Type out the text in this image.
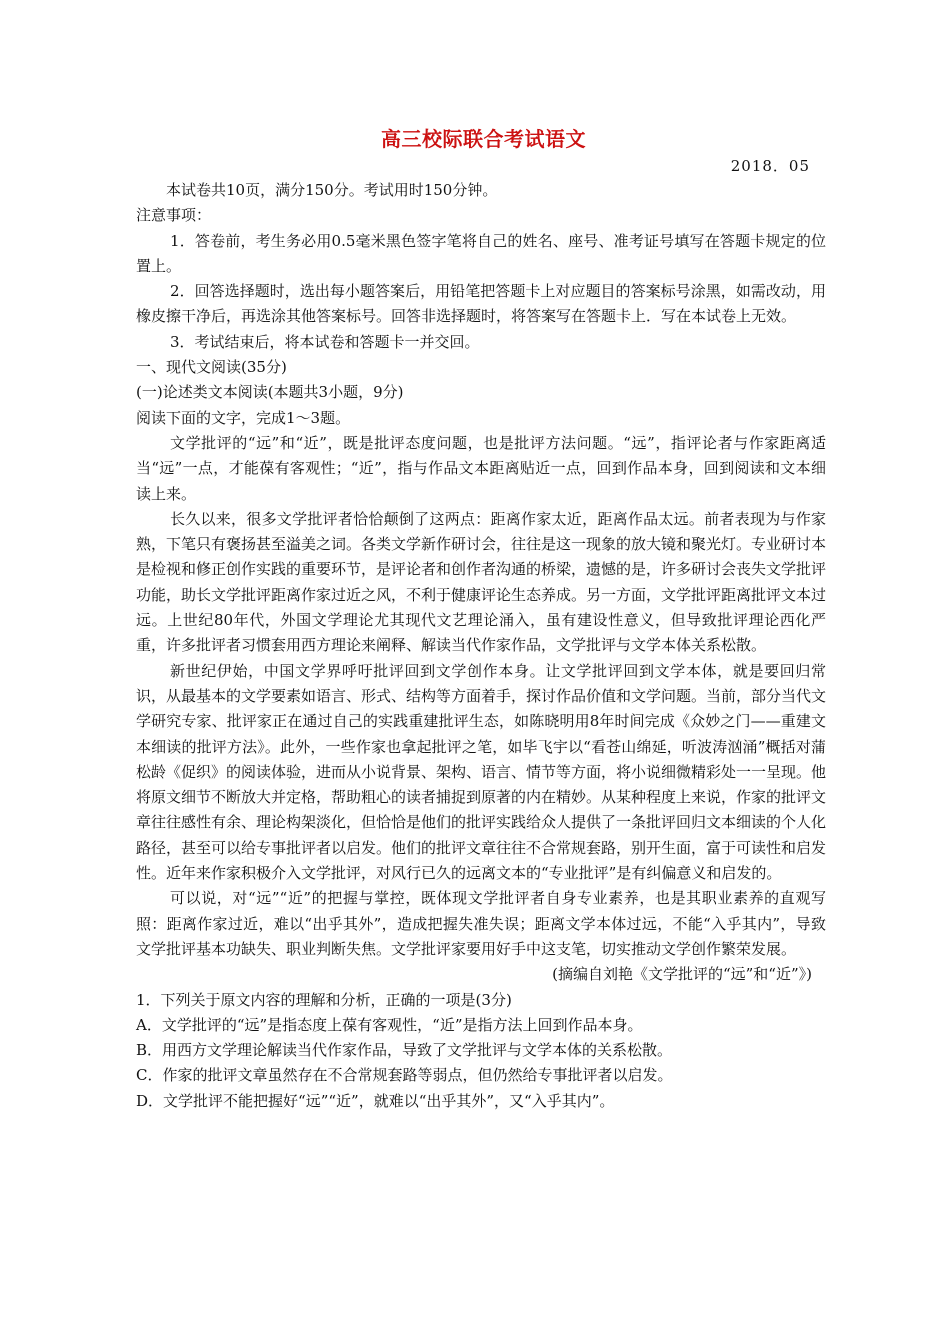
高三校际联合考试语文
2018．05

本试卷共10页，满分150分。考试用时150分钟。

注意事项：

1．答卷前，考生务必用0.5毫米黑色签字笔将自己的姓名、座号、准考证号填写在答题卡规定的位置上。

2．回答选择题时，选出每小题答案后，用铅笔把答题卡上对应题目的答案标号涂黑，如需改动，用橡皮擦干净后，再选涂其他答案标号。回答非选择题时，将答案写在答题卡上．写在本试卷上无效。

3．考试结束后，将本试卷和答题卡一并交回。

一、现代文阅读(35分)

(一)论述类文本阅读(本题共3小题，9分)

阅读下面的文字，完成1～3题。

文学批评的“远”和“近”，既是批评态度问题，也是批评方法问题。“远”，指评论者与作家距离适当“远”一点，才能葆有客观性；“近”，指与作品文本距离贴近一点，回到作品本身，回到阅读和文本细读上来。

长久以来，很多文学批评者恰恰颠倒了这两点：距离作家太近，距离作品太远。前者表现为与作家熟，下笔只有褒扬甚至溢美之词。各类文学新作研讨会，往往是这一现象的放大镜和聚光灯。专业研讨本是检视和修正创作实践的重要环节，是评论者和创作者沟通的桥梁，遗憾的是，许多研讨会丧失文学批评功能，助长文学批评距离作家过近之风，不利于健康评论生态养成。另一方面，文学批评距离批评文本过远。上世纪80年代，外国文学理论尤其现代文艺理论涌入，虽有建设性意义，但导致批评理论西化严重，许多批评者习惯套用西方理论来阐释、解读当代作家作品，文学批评与文学本体关系松散。

新世纪伊始，中国文学界呼吁批评回到文学创作本身。让文学批评回到文学本体，就是要回归常识，从最基本的文学要素如语言、形式、结构等方面着手，探讨作品价值和文学问题。当前，部分当代文学研究专家、批评家正在通过自己的实践重建批评生态，如陈晓明用8年时间完成《众妙之门——重建文本细读的批评方法》。此外，一些作家也拿起批评之笔，如毕飞宇以“看苍山绵延，听波涛汹涌”概括对蒲松龄《促织》的阅读体验，进而从小说背景、架构、语言、情节等方面，将小说细微精彩处一一呈现。他将原文细节不断放大并定格，帮助粗心的读者捕捉到原著的内在精妙。从某种程度上来说，作家的批评文章往往感性有余、理论构架淡化，但恰恰是他们的批评实践给众人提供了一条批评回归文本细读的个人化路径，甚至可以给专事批评者以启发。他们的批评文章往往不合常规套路，别开生面，富于可读性和启发性。近年来作家积极介入文学批评，对风行已久的远离文本的“专业批评”是有纠偏意义和启发的。

可以说，对“远”“近”的把握与掌控，既体现文学批评者自身专业素养，也是其职业素养的直观写照：距离作家过近，难以“出乎其外”，造成把握失准失误；距离文学本体过远，不能“入乎其内”，导致文学批评基本功缺失、职业判断失焦。文学批评家要用好手中这支笔，切实推动文学创作繁荣发展。

(摘编自刘艳《文学批评的“远”和“近”》)

1．下列关于原文内容的理解和分析，正确的一项是(3分)

A．文学批评的“远”是指态度上葆有客观性，“近”是指方法上回到作品本身。

B．用西方文学理论解读当代作家作品，导致了文学批评与文学本体的关系松散。

C．作家的批评文章虽然存在不合常规套路等弱点，但仍然给专事批评者以启发。

D．文学批评不能把握好“远”“近”，就难以“出乎其外”，又“入乎其内”。
